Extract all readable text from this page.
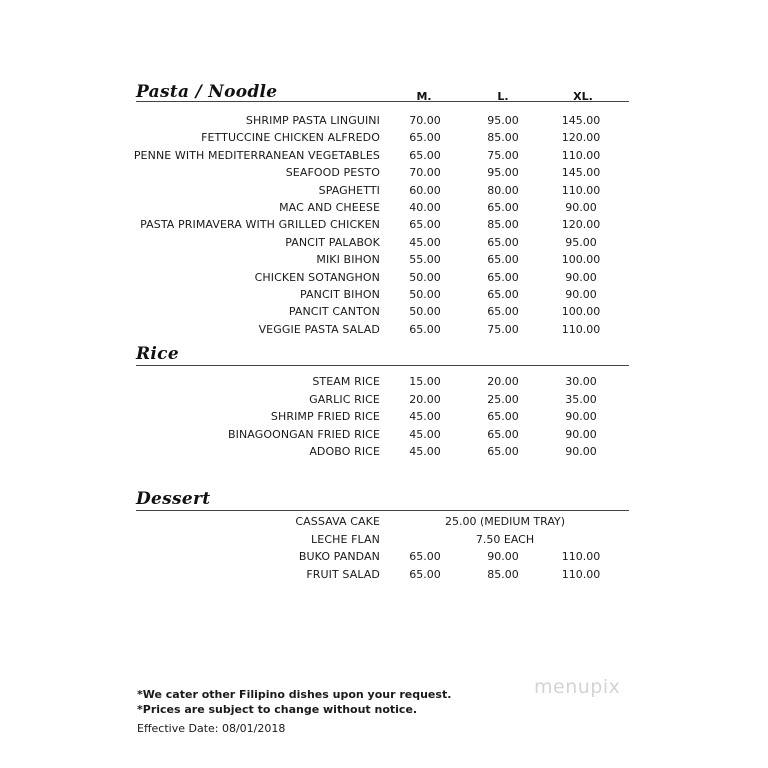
Pasta / Noodle	M.	L.	XL.
SHRIMP PASTA LINGUINI	70.00	95.00	145.00
FETTUCCINE CHICKEN ALFREDO	65.00	85.00	120.00
PENNE WITH MEDITERRANEAN VEGETABLES	65.00	75.00	110.00
SEAFOOD PESTO	70.00	95.00	145.00
SPAGHETTI	60.00	80.00	110.00
MAC AND CHEESE	40.00	65.00	90.00
PASTA PRIMAVERA WITH GRILLED CHICKEN	65.00	85.00	120.00
PANCIT PALABOK	45.00	65.00	95.00
MIKI BIHON	55.00	65.00	100.00
CHICKEN SOTANGHON	50.00	65.00	90.00
PANCIT BIHON	50.00	65.00	90.00
PANCIT CANTON	50.00	65.00	100.00
VEGGIE PASTA SALAD	65.00	75.00	110.00
Rice
STEAM RICE	15.00	20.00	30.00
GARLIC RICE	20.00	25.00	35.00
SHRIMP FRIED RICE	45.00	65.00	90.00
BINAGOONGAN FRIED RICE	45.00	65.00	90.00
ADOBO RICE	45.00	65.00	90.00
Dessert
CASSAVA CAKE	25.00 (MEDIUM TRAY)
LECHE FLAN	7.50 EACH
BUKO PANDAN	65.00	90.00	110.00
FRUIT SALAD	65.00	85.00	110.00
*We cater other Filipino dishes upon your request.
*Prices are subject to change without notice.
Effective Date: 08/01/2018
menupix
